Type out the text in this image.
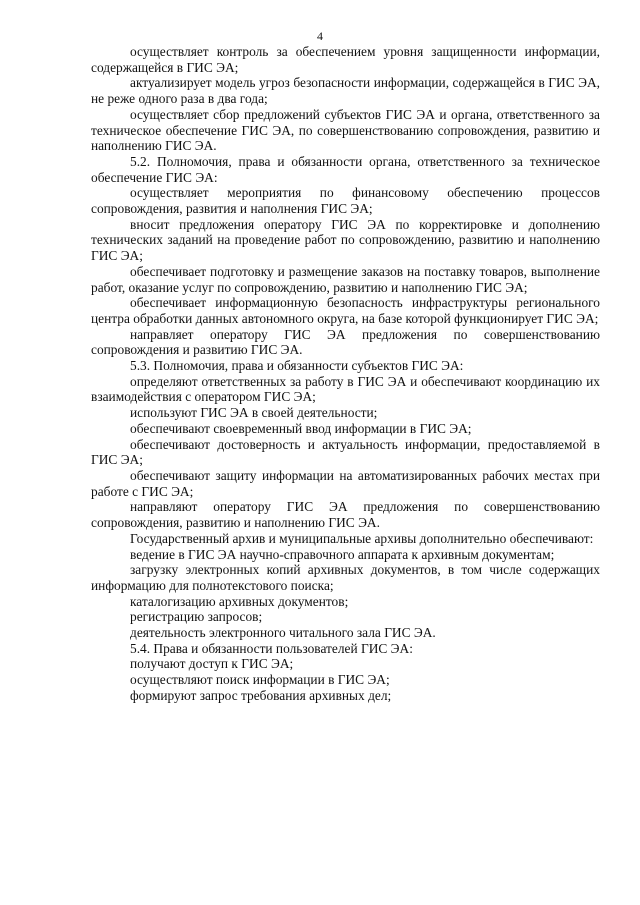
4

осуществляет контроль за обеспечением уровня защищенности информации, содержащейся в ГИС ЭА;

актуализирует модель угроз безопасности информации, содержащейся в ГИС ЭА, не реже одного раза в два года;

осуществляет сбор предложений субъектов ГИС ЭА и органа, ответственного за техническое обеспечение ГИС ЭА, по совершенствованию сопровождения, развитию и наполнению ГИС ЭА.

5.2. Полномочия, права и обязанности органа, ответственного за техническое обеспечение ГИС ЭА:

осуществляет мероприятия по финансовому обеспечению процессов сопровождения, развития и наполнения ГИС ЭА;

вносит предложения оператору ГИС ЭА по корректировке и дополнению технических заданий на проведение работ по сопровождению, развитию и наполнению ГИС ЭА;

обеспечивает подготовку и размещение заказов на поставку товаров, выполнение работ, оказание услуг по сопровождению, развитию и наполнению ГИС ЭА;

обеспечивает информационную безопасность инфраструктуры регионального центра обработки данных автономного округа, на базе которой функционирует ГИС ЭА;

направляет оператору ГИС ЭА предложения по совершенствованию сопровождения и развитию ГИС ЭА.

5.3. Полномочия, права и обязанности субъектов ГИС ЭА:

определяют ответственных за работу в ГИС ЭА и обеспечивают координацию их взаимодействия с оператором ГИС ЭА;

используют ГИС ЭА в своей деятельности;

обеспечивают своевременный ввод информации в ГИС ЭА;

обеспечивают достоверность и актуальность информации, предоставляемой в ГИС ЭА;

обеспечивают защиту информации на автоматизированных рабочих местах при работе с ГИС ЭА;

направляют оператору ГИС ЭА предложения по совершенствованию сопровождения, развитию и наполнению ГИС ЭА.

Государственный архив и муниципальные архивы дополнительно обеспечивают:

ведение в ГИС ЭА научно-справочного аппарата к архивным документам;

загрузку электронных копий архивных документов, в том числе содержащих информацию для полнотекстового поиска;

каталогизацию архивных документов;

регистрацию запросов;

деятельность электронного читального зала ГИС ЭА.

5.4. Права и обязанности пользователей ГИС ЭА:

получают доступ к ГИС ЭА;

осуществляют поиск информации в ГИС ЭА;

формируют запрос требования архивных дел;
